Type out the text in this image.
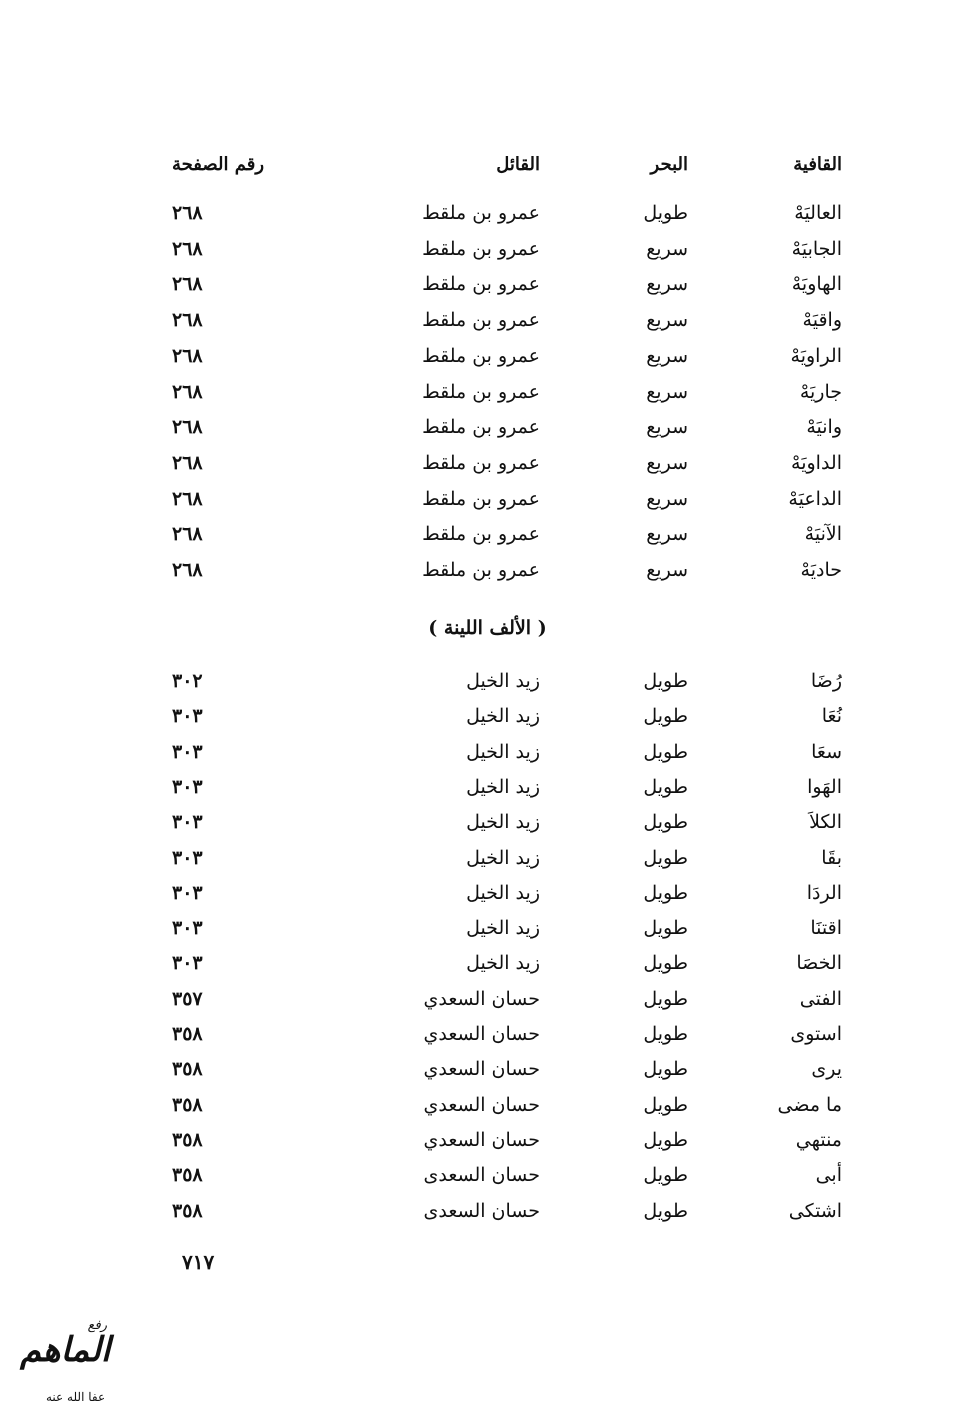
القافية
البحر
القائل
رقم الصفحة
العاليَهْ
طويل
عمرو بن ملقط
٢٦٨
الجابيَهْ
سريع
عمرو بن ملقط
٢٦٨
الهاويَهْ
سريع
عمرو بن ملقط
٢٦٨
واقيَهْ
سريع
عمرو بن ملقط
٢٦٨
الراويَهْ
سريع
عمرو بن ملقط
٢٦٨
جاريَهْ
سريع
عمرو بن ملقط
٢٦٨
وانيَهْ
سريع
عمرو بن ملقط
٢٦٨
الداويَهْ
سريع
عمرو بن ملقط
٢٦٨
الداعيَهْ
سريع
عمرو بن ملقط
٢٦٨
الآنيَهْ
سريع
عمرو بن ملقط
٢٦٨
حاديَهْ
سريع
عمرو بن ملقط
٢٦٨
( الألف اللينة )
رُضَا
طويل
زيد الخيل
٣٠٢
نُعَا
طويل
زيد الخيل
٣٠٣
سعَا
طويل
زيد الخيل
٣٠٣
الهَوا
طويل
زيد الخيل
٣٠٣
الكلاَ
طويل
زيد الخيل
٣٠٣
بقَا
طويل
زيد الخيل
٣٠٣
الردَا
طويل
زيد الخيل
٣٠٣
اقتنَا
طويل
زيد الخيل
٣٠٣
الخصَا
طويل
زيد الخيل
٣٠٣
الفتى
طويل
حسان السعدي
٣٥٧
استوى
طويل
حسان السعدي
٣٥٨
يرى
طويل
حسان السعدي
٣٥٨
ما مضى
طويل
حسان السعدي
٣٥٨
منتهي
طويل
حسان السعدي
٣٥٨
أبى
طويل
حسان السعدى
٣٥٨
اشتكى
طويل
حسان السعدى
٣٥٨
٧١٧
رفع
الماهم
عفا الله عنه
